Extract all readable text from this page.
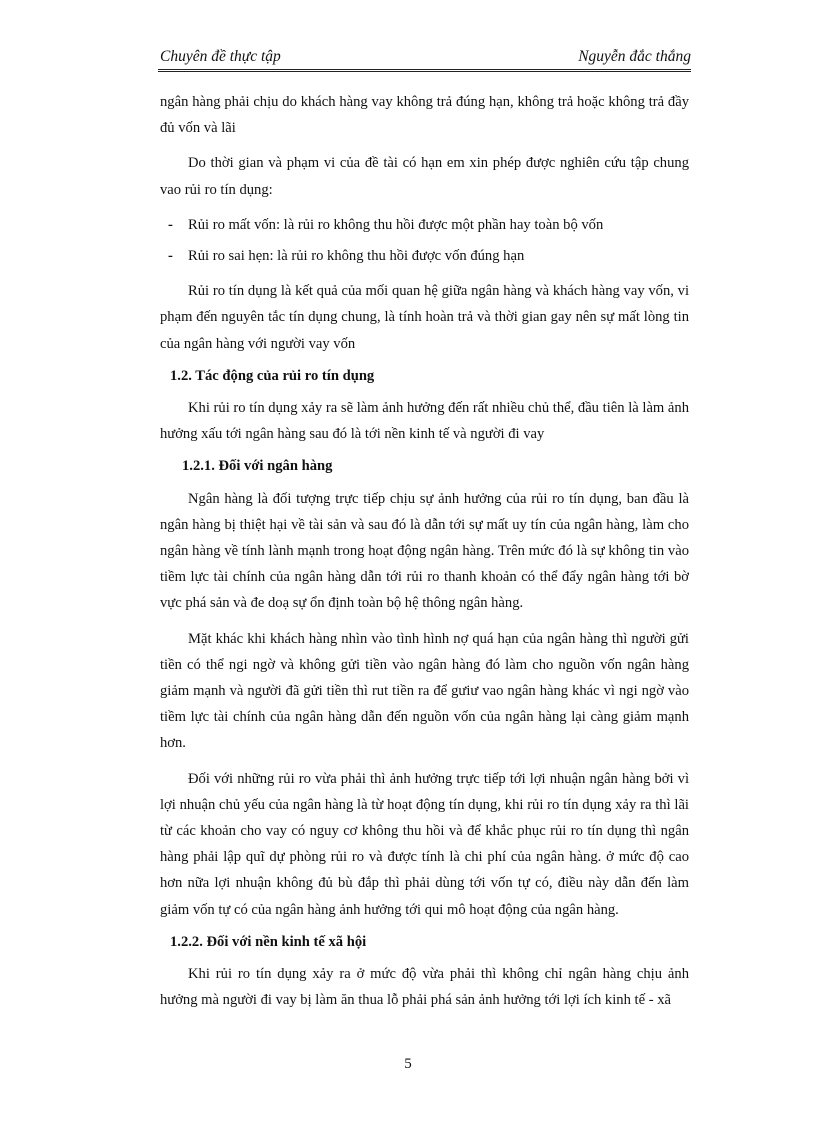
Chuyên đề thực tập	Nguyễn đắc thắng

ngân hàng phải chịu do khách hàng vay không trả đúng hạn, không trả hoặc không trả đầy đủ vốn và lãi

Do thời gian và phạm vi của đề tài có hạn em xin phép được nghiên cứu tập chung vao rủi ro tín dụng:

- Rủi ro mất vốn: là rủi ro không thu hồi được một phần hay toàn bộ vốn
- Rủi ro sai hẹn: là rủi ro không thu hồi được vốn đúng hạn

Rủi ro tín dụng là kết quả của mối quan hệ giữa ngân hàng và khách hàng vay vốn, vi phạm đến nguyên tắc tín dụng chung, là tính hoàn trả và thời gian gay nên sự mất lòng tin của ngân hàng với người vay vốn

1.2. Tác động của rủi ro tín dụng

Khi rủi ro tín dụng xảy ra sẽ làm ảnh hưởng đến rất nhiều chủ thể, đầu tiên là làm ảnh hưởng xấu tới ngân hàng sau đó là tới nền kinh tế và người đi vay

1.2.1. Đối với ngân hàng

Ngân hàng là đối tượng trực tiếp chịu sự ảnh hưởng của rủi ro tín dụng, ban đầu là ngân hàng bị thiệt hại về tài sản và sau đó là dẫn tới sự mất uy tín của ngân hàng, làm cho ngân hàng về tính lành mạnh trong hoạt động ngân hàng. Trên mức đó là sự không tin vào tiềm lực tài chính của ngân hàng dẫn tới rủi ro thanh khoản có thể đẩy ngân hàng tới bờ vực phá sản và đe doạ sự ổn định toàn bộ hệ thông ngân hàng.

Mặt khác khi khách hàng nhìn vào tình hình nợ quá hạn của ngân hàng thì người gửi tiền có thể ngi ngờ và không gửi tiền vào ngân hàng đó làm cho nguồn vốn ngân hàng giảm mạnh và người đã gửi tiền thì rut tiền ra để gưiư vao ngân hàng khác vì ngi ngờ vào tiềm lực tài chính của ngân hàng dẫn đến nguồn vốn của ngân hàng lại càng giảm mạnh hơn.

Đối với những rủi ro vừa phải thì ảnh hưởng trực tiếp tới lợi nhuận ngân hàng bởi vì lợi nhuận chủ yếu của ngân hàng là từ hoạt động tín dụng, khi rủi ro tín dụng xảy ra thì lãi từ các khoản cho vay có nguy cơ không thu hồi và để khắc phục rủi ro tín dụng thì ngân hàng phải lập quĩ dự phòng rủi ro và được tính là chi phí của ngân hàng. ở mức độ cao hơn nữa lợi nhuận không đủ bù đắp thì phải dùng tới vốn tự có, điều này dẫn đến làm giảm vốn tự có của ngân hàng ảnh hưởng tới qui mô hoạt động của ngân hàng.

1.2.2. Đối với nền kinh tế xã hội

Khi rủi ro tín dụng xảy ra ở mức độ vừa phải thì không chỉ ngân hàng chịu ảnh hưởng mà người đi vay bị làm ăn thua lỗ phải phá sản ảnh hưởng tới lợi ích kinh tế - xã

5
